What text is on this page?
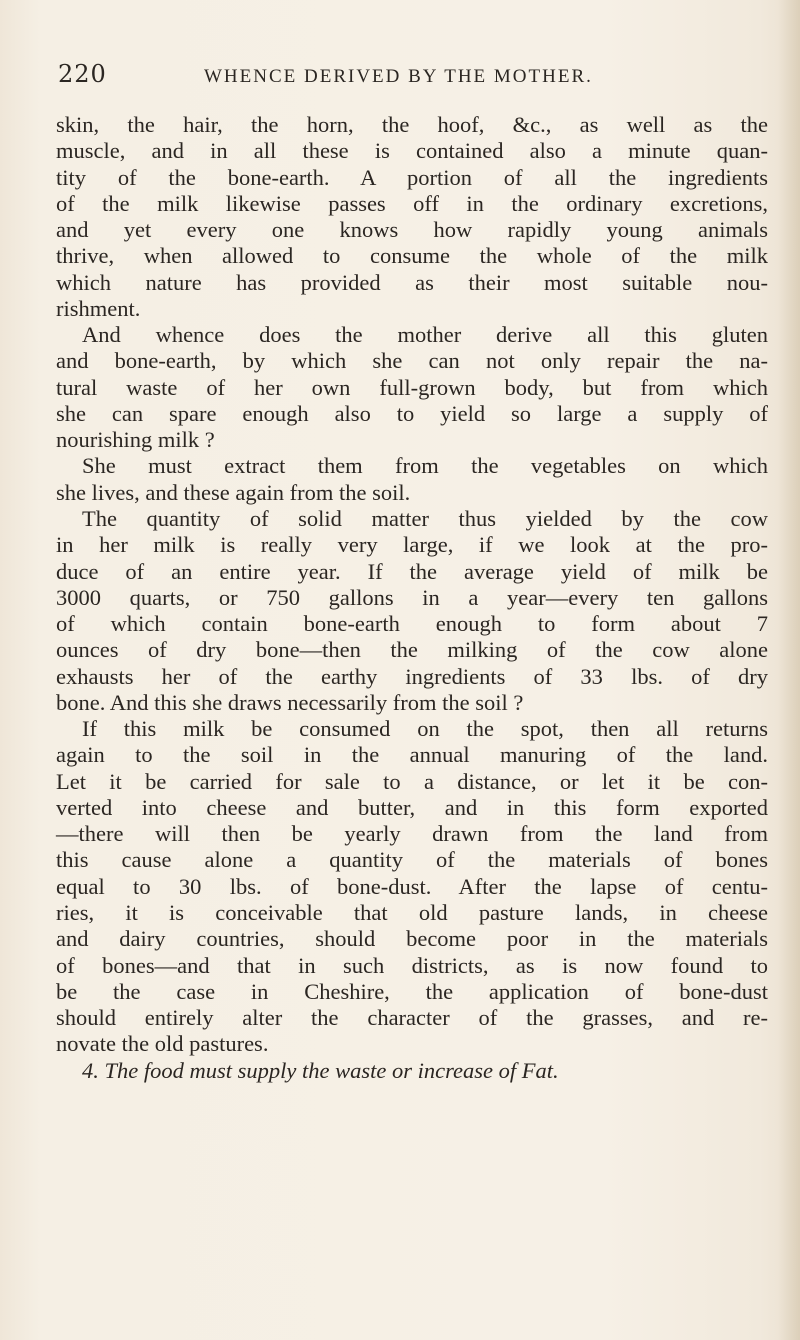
220	WHENCE DERIVED BY THE MOTHER.
skin, the hair, the horn, the hoof, &c., as well as the
muscle, and in all these is contained also a minute quan-
tity of the bone-earth. A portion of all the ingredients
of the milk likewise passes off in the ordinary excretions,
and yet every one knows how rapidly young animals
thrive, when allowed to consume the whole of the milk
which nature has provided as their most suitable nou-
rishment.
And whence does the mother derive all this gluten
and bone-earth, by which she can not only repair the na-
tural waste of her own full-grown body, but from which
she can spare enough also to yield so large a supply of
nourishing milk ?
She must extract them from the vegetables on which
she lives, and these again from the soil.
The quantity of solid matter thus yielded by the cow
in her milk is really very large, if we look at the pro-
duce of an entire year. If the average yield of milk be
3000 quarts, or 750 gallons in a year—every ten gallons
of which contain bone-earth enough to form about 7
ounces of dry bone—then the milking of the cow alone
exhausts her of the earthy ingredients of 33 lbs. of dry
bone. And this she draws necessarily from the soil ?
If this milk be consumed on the spot, then all returns
again to the soil in the annual manuring of the land.
Let it be carried for sale to a distance, or let it be con-
verted into cheese and butter, and in this form exported
—there will then be yearly drawn from the land from
this cause alone a quantity of the materials of bones
equal to 30 lbs. of bone-dust. After the lapse of centu-
ries, it is conceivable that old pasture lands, in cheese
and dairy countries, should become poor in the materials
of bones—and that in such districts, as is now found to
be the case in Cheshire, the application of bone-dust
should entirely alter the character of the grasses, and re-
novate the old pastures.
4. The food must supply the waste or increase of Fat.
